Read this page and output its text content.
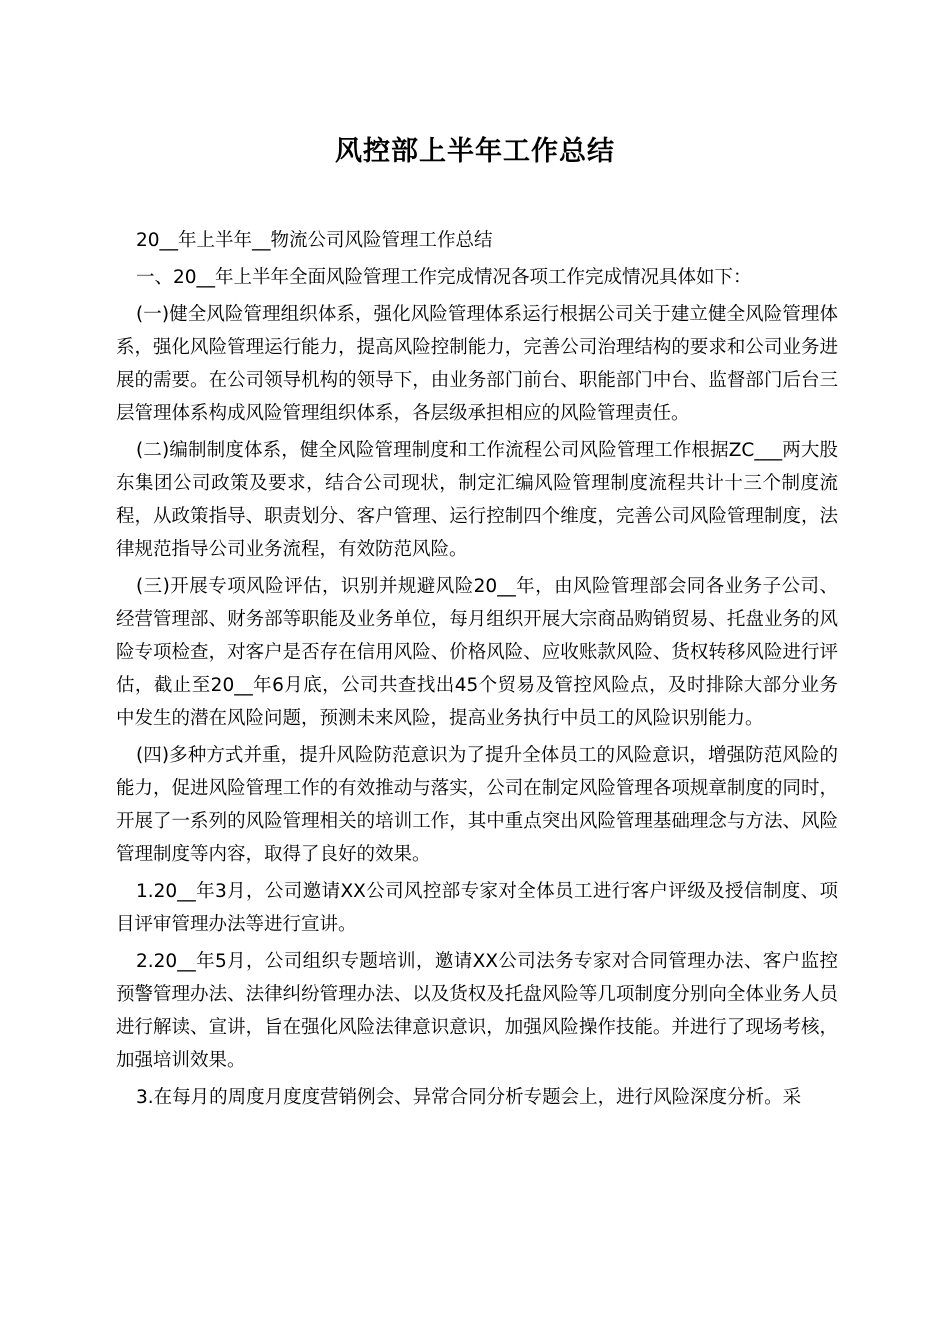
风控部上半年工作总结

20__年上半年__物流公司风险管理工作总结

一、20__年上半年全面风险管理工作完成情况各项工作完成情况具体如下：

(一)健全风险管理组织体系，强化风险管理体系运行根据公司关于建立健全风险管理体系，强化风险管理运行能力，提高风险控制能力，完善公司治理结构的要求和公司业务进展的需要。在公司领导机构的领导下，由业务部门前台、职能部门中台、监督部门后台三层管理体系构成风险管理组织体系，各层级承担相应的风险管理责任。

(二)编制制度体系，健全风险管理制度和工作流程公司风险管理工作根据ZC___两大股东集团公司政策及要求，结合公司现状，制定汇编风险管理制度流程共计十三个制度流程，从政策指导、职责划分、客户管理、运行控制四个维度，完善公司风险管理制度，法律规范指导公司业务流程，有效防范风险。

(三)开展专项风险评估，识别并规避风险20__年，由风险管理部会同各业务子公司、经营管理部、财务部等职能及业务单位，每月组织开展大宗商品购销贸易、托盘业务的风险专项检查，对客户是否存在信用风险、价格风险、应收账款风险、货权转移风险进行评估，截止至20__年6月底，公司共查找出45个贸易及管控风险点，及时排除大部分业务中发生的潜在风险问题，预测未来风险，提高业务执行中员工的风险识别能力。

(四)多种方式并重，提升风险防范意识为了提升全体员工的风险意识，增强防范风险的能力，促进风险管理工作的有效推动与落实，公司在制定风险管理各项规章制度的同时，开展了一系列的风险管理相关的培训工作，其中重点突出风险管理基础理念与方法、风险管理制度等内容，取得了良好的效果。

1.20__年3月，公司邀请XX公司风控部专家对全体员工进行客户评级及授信制度、项目评审管理办法等进行宣讲。

2.20__年5月，公司组织专题培训，邀请XX公司法务专家对合同管理办法、客户监控预警管理办法、法律纠纷管理办法、以及货权及托盘风险等几项制度分别向全体业务人员进行解读、宣讲，旨在强化风险法律意识意识，加强风险操作技能。并进行了现场考核，加强培训效果。

3.在每月的周度月度度营销例会、异常合同分析专题会上，进行风险深度分析。采
